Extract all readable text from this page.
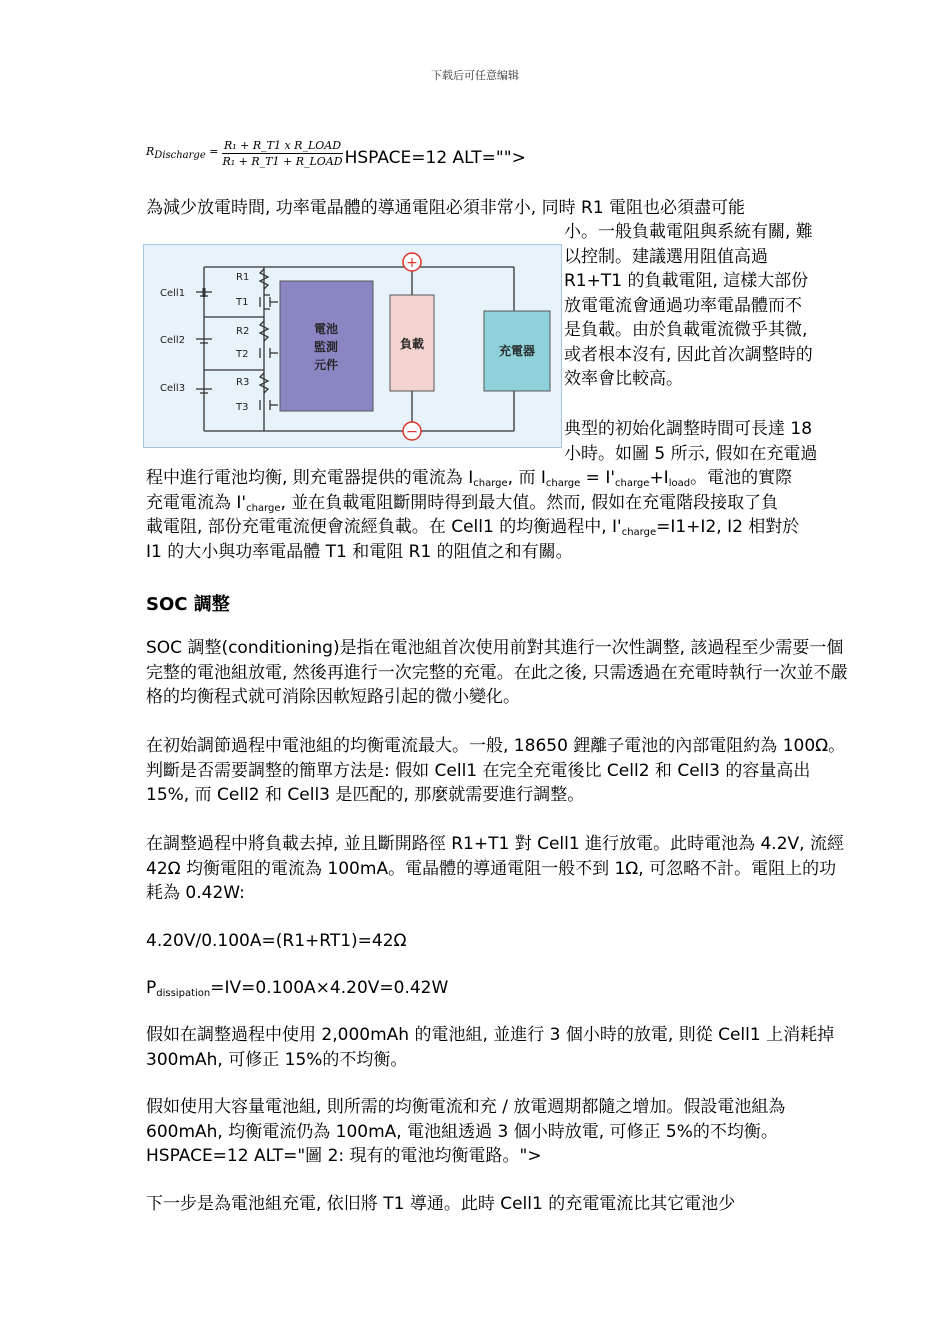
下载后可任意编辑
$R_{Discharge} = \frac{\text{R₁ + R\_T1 x R\_LOAD}}{\text{R₁ + R\_T1 + R\_LOAD}}$ HSPACE=12 ALT="">

為減少放電時間, 功率電晶體的導通電阻必須非常小, 同時 R1 電阻也必須盡可能

小。一般負載電阻與系統有關, 難
以控制。建議選用阻值高過
R1+T1 的負載電阻, 這樣大部份
放電電流會通過功率電晶體而不
是負載。由於負載電流微乎其微,
或者根本沒有, 因此首次調整時的
效率會比較高。
+
−
Cell1
Cell2
Cell3
R1
R2
R3
T1
T2
T3
電池
監測
元件
負載	充電器
典型的初始化調整時間可長達 18
小時。如圖 5 所示, 假如在充電過
程中進行電池均衡, 則充電器提供的電流為 $I_{charge}$, 而 $I_{charge} = I'_{charge}+I_{load}$。電池的實際
充電電流為 $I'_{charge}$, 並在負載電阻斷開時得到最大值。然而, 假如在充電階段接取了負
載電阻, 部份充電電流便會流經負載。在 Cell1 的均衡過程中, $I'_{charge}=I1+I2$, I2 相對於
I1 的大小與功率電晶體 T1 和電阻 R1 的阻值之和有關。
SOC 調整

SOC 調整(conditioning)是指在電池組首次使用前對其進行一次性調整, 該過程至少需要一個完整的電池組放電, 然後再進行一次完整的充電。在此之後, 只需透過在充電時執行一次並不嚴格的均衡程式就可消除因軟短路引起的微小變化。

在初始調節過程中電池組的均衡電流最大。一般, 18650 鋰離子電池的內部電阻約為 100Ω。判斷是否需要調整的簡單方法是: 假如 Cell1 在完全充電後比 Cell2 和 Cell3 的容量高出 15%, 而 Cell2 和 Cell3 是匹配的, 那麼就需要進行調整。

在調整過程中將負載去掉, 並且斷開路徑 R1+T1 對 Cell1 進行放電。此時電池為 4.2V, 流經 42Ω 均衡電阻的電流為 100mA。電晶體的導通電阻一般不到 1Ω, 可忽略不計。電阻上的功耗為 0.42W:

4.20V/0.100A=(R1+RT1)=42Ω

$P_{dissipation}=IV=0.100A\times 4.20V=0.42W$

假如在調整過程中使用 2,000mAh 的電池組, 並進行 3 個小時的放電, 則從 Cell1 上消耗掉 300mAh, 可修正 15%的不均衡。

假如使用大容量電池組, 則所需的均衡電流和充 / 放電週期都隨之增加。假設電池組為 600mAh, 均衡電流仍為 100mA, 電池組透過 3 個小時放電, 可修正 5%的不均衡。HSPACE=12 ALT="圖 2: 現有的電池均衡電路。">

下一步是為電池組充電, 依旧將 T1 導通。此時 Cell1 的充電電流比其它電池少
